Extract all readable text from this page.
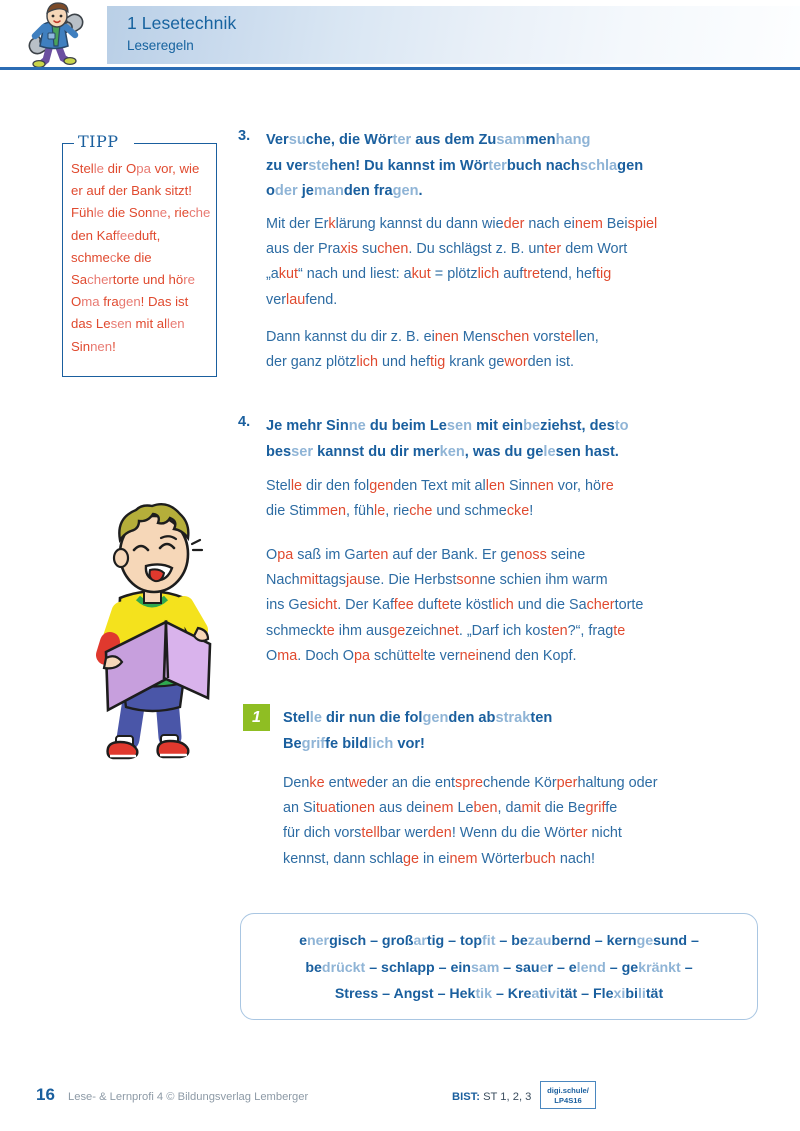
1 Lesetechnik
Leseregeln
TIPP
Stelle dir Opa vor, wie er auf der Bank sitzt! Fühle die Sonne, rieche den Kaffeeduft, schmecke die Sachertorte und höre Oma fragen! Das ist das Lesen mit allen Sinnen!
3. Versuche, die Wörter aus dem Zusammenhang
zu verstehen! Du kannst im Wörterbuch nachschlagen
oder jemanden fragen.
Mit der Erklärung kannst du dann wieder nach einem Beispiel
aus der Praxis suchen. Du schlägst z. B. unter dem Wort
„akut“ nach und liest: akut = plötzlich auftretend, heftig
verlaufend.
Dann kannst du dir z. B. einen Menschen vorstellen,
der ganz plötzlich und heftig krank geworden ist.
4. Je mehr Sinne du beim Lesen mit einbeziehst, desto
besser kannst du dir merken, was du gelesen hast.
Stelle dir den folgenden Text mit allen Sinnen vor, höre
die Stimmen, fühle, rieche und schmecke!
Opa saß im Garten auf der Bank. Er genoss seine
Nachmittagsjause. Die Herbstsonne schien ihm warm
ins Gesicht. Der Kaffee duftete köstlich und die Sachertorte
schmeckte ihm ausgezeichnet. „Darf ich kosten?“, fragte
Oma. Doch Opa schüttelte verneinend den Kopf.
1	Stelle dir nun die folgenden abstrakten
Begriffe bildlich vor!
Denke entweder an die entsprechende Körperhaltung oder
an Situationen aus deinem Leben, damit die Begriffe
für dich vorstellbar werden! Wenn du die Wörter nicht
kennst, dann schlage in einem Wörterbuch nach!
energisch – großartig – topfit – bezaubernd – kerngesund –
bedrückt – schlapp – einsam – sauer – elend – gekränkt –
Stress – Angst – Hektik – Kreativität – Flexibilität
16 Lese- & Lernprofi 4 © Bildungsverlag Lemberger	BIST: ST 1, 2, 3
digi.schule/
LP4S16
